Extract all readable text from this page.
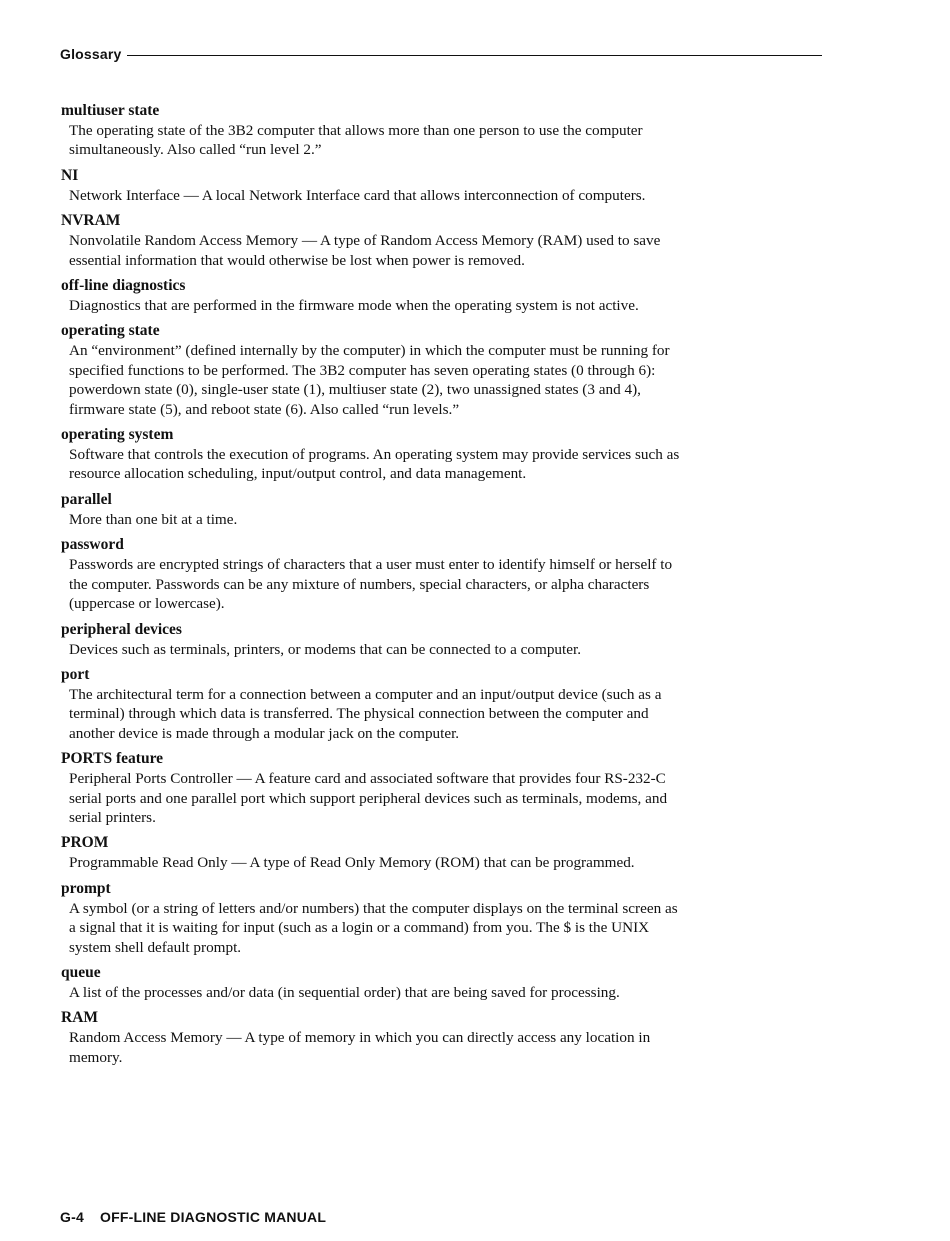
Glossary
multiuser state
The operating state of the 3B2 computer that allows more than one person to use the computer
simultaneously. Also called “run level 2.”
NI
Network Interface — A local Network Interface card that allows interconnection of computers.
NVRAM
Nonvolatile Random Access Memory — A type of Random Access Memory (RAM) used to save
essential information that would otherwise be lost when power is removed.
off-line diagnostics
Diagnostics that are performed in the firmware mode when the operating system is not active.
operating state
An “environment” (defined internally by the computer) in which the computer must be running for
specified functions to be performed. The 3B2 computer has seven operating states (0 through 6):
powerdown state (0), single-user state (1), multiuser state (2), two unassigned states (3 and 4),
firmware state (5), and reboot state (6). Also called “run levels.”
operating system
Software that controls the execution of programs. An operating system may provide services such as
resource allocation scheduling, input/output control, and data management.
parallel
More than one bit at a time.
password
Passwords are encrypted strings of characters that a user must enter to identify himself or herself to
the computer. Passwords can be any mixture of numbers, special characters, or alpha characters
(uppercase or lowercase).
peripheral devices
Devices such as terminals, printers, or modems that can be connected to a computer.
port
The architectural term for a connection between a computer and an input/output device (such as a
terminal) through which data is transferred. The physical connection between the computer and
another device is made through a modular jack on the computer.
PORTS feature
Peripheral Ports Controller — A feature card and associated software that provides four RS-232-C
serial ports and one parallel port which support peripheral devices such as terminals, modems, and
serial printers.
PROM
Programmable Read Only — A type of Read Only Memory (ROM) that can be programmed.
prompt
A symbol (or a string of letters and/or numbers) that the computer displays on the terminal screen as
a signal that it is waiting for input (such as a login or a command) from you. The $ is the UNIX
system shell default prompt.
queue
A list of the processes and/or data (in sequential order) that are being saved for processing.
RAM
Random Access Memory — A type of memory in which you can directly access any location in
memory.
G-4 OFF-LINE DIAGNOSTIC MANUAL
